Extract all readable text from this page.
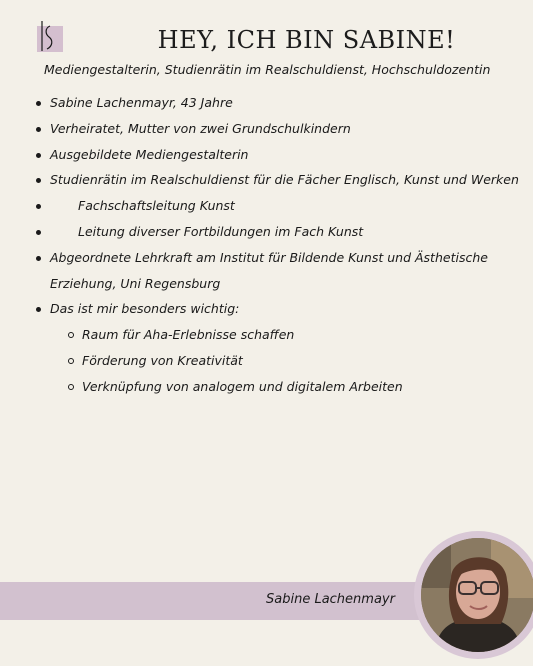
HEY, ICH BIN SABINE!
Mediengestalterin, Studienrätin im Realschuldienst, Hochschuldozentin
Sabine Lachenmayr, 43 Jahre
Verheiratet, Mutter von zwei Grundschulkindern
Ausgebildete Mediengestalterin
Studienrätin im Realschuldienst für die Fächer Englisch, Kunst und Werken
Fachschaftsleitung Kunst
Leitung diverser Fortbildungen im Fach Kunst
Abgeordnete Lehrkraft am Institut für Bildende Kunst und Ästhetische
Erziehung, Uni Regensburg
Das ist mir besonders wichtig:
Raum für Aha-Erlebnisse schaffen
Förderung von Kreativität
Verknüpfung von analogem und digitalem Arbeiten
Sabine Lachenmayr
